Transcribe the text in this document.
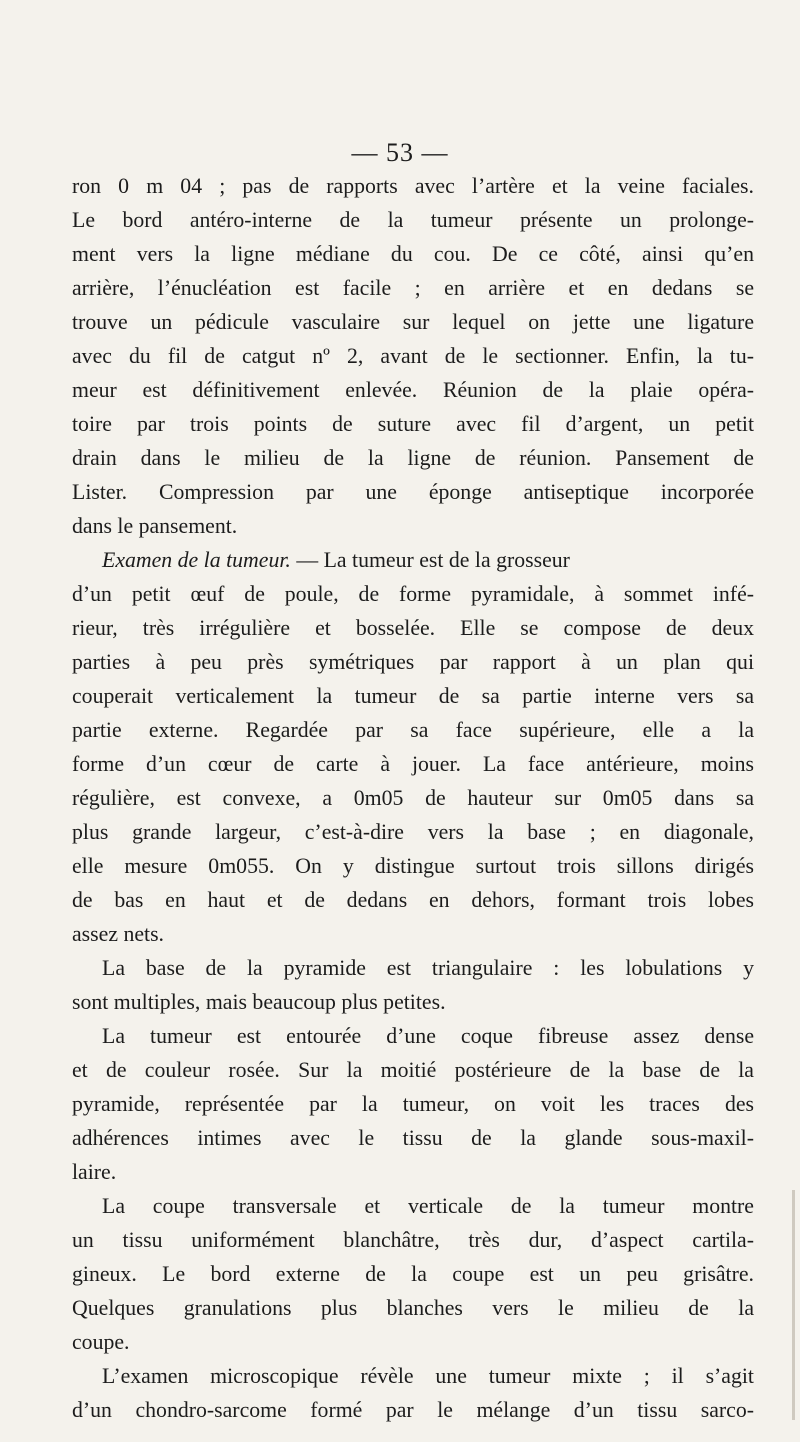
— 53 —

ron 0 m 04 ; pas de rapports avec l’artère et la veine faciales.

Le bord antéro-interne de la tumeur présente un prolonge-

ment vers la ligne médiane du cou. De ce côté, ainsi qu’en

arrière, l’énucléation est facile ; en arrière et en dedans se

trouve un pédicule vasculaire sur lequel on jette une ligature

avec du fil de catgut nº 2, avant de le sectionner. Enfin, la tu-

meur est définitivement enlevée. Réunion de la plaie opéra-

toire par trois points de suture avec fil d’argent, un petit

drain dans le milieu de la ligne de réunion. Pansement de

Lister. Compression par une éponge antiseptique incorporée

dans le pansement.

Examen de la tumeur. — La tumeur est de la grosseur

d’un petit œuf de poule, de forme pyramidale, à sommet infé-

rieur, très irrégulière et bosselée. Elle se compose de deux

parties à peu près symétriques par rapport à un plan qui

couperait verticalement la tumeur de sa partie interne vers sa

partie externe. Regardée par sa face supérieure, elle a la

forme d’un cœur de carte à jouer. La face antérieure, moins

régulière, est convexe, a 0m05 de hauteur sur 0m05 dans sa

plus grande largeur, c’est-à-dire vers la base ; en diagonale,

elle mesure 0m055. On y distingue surtout trois sillons dirigés

de bas en haut et de dedans en dehors, formant trois lobes

assez nets.

La base de la pyramide est triangulaire : les lobulations y

sont multiples, mais beaucoup plus petites.

La tumeur est entourée d’une coque fibreuse assez dense

et de couleur rosée. Sur la moitié postérieure de la base de la

pyramide, représentée par la tumeur, on voit les traces des

adhérences intimes avec le tissu de la glande sous-maxil-

laire.

La coupe transversale et verticale de la tumeur montre

un tissu uniformément blanchâtre, très dur, d’aspect cartila-

gineux. Le bord externe de la coupe est un peu grisâtre.

Quelques granulations plus blanches vers le milieu de la

coupe.

L’examen microscopique révèle une tumeur mixte ; il s’agit

d’un chondro-sarcome formé par le mélange d’un tissu sarco-
